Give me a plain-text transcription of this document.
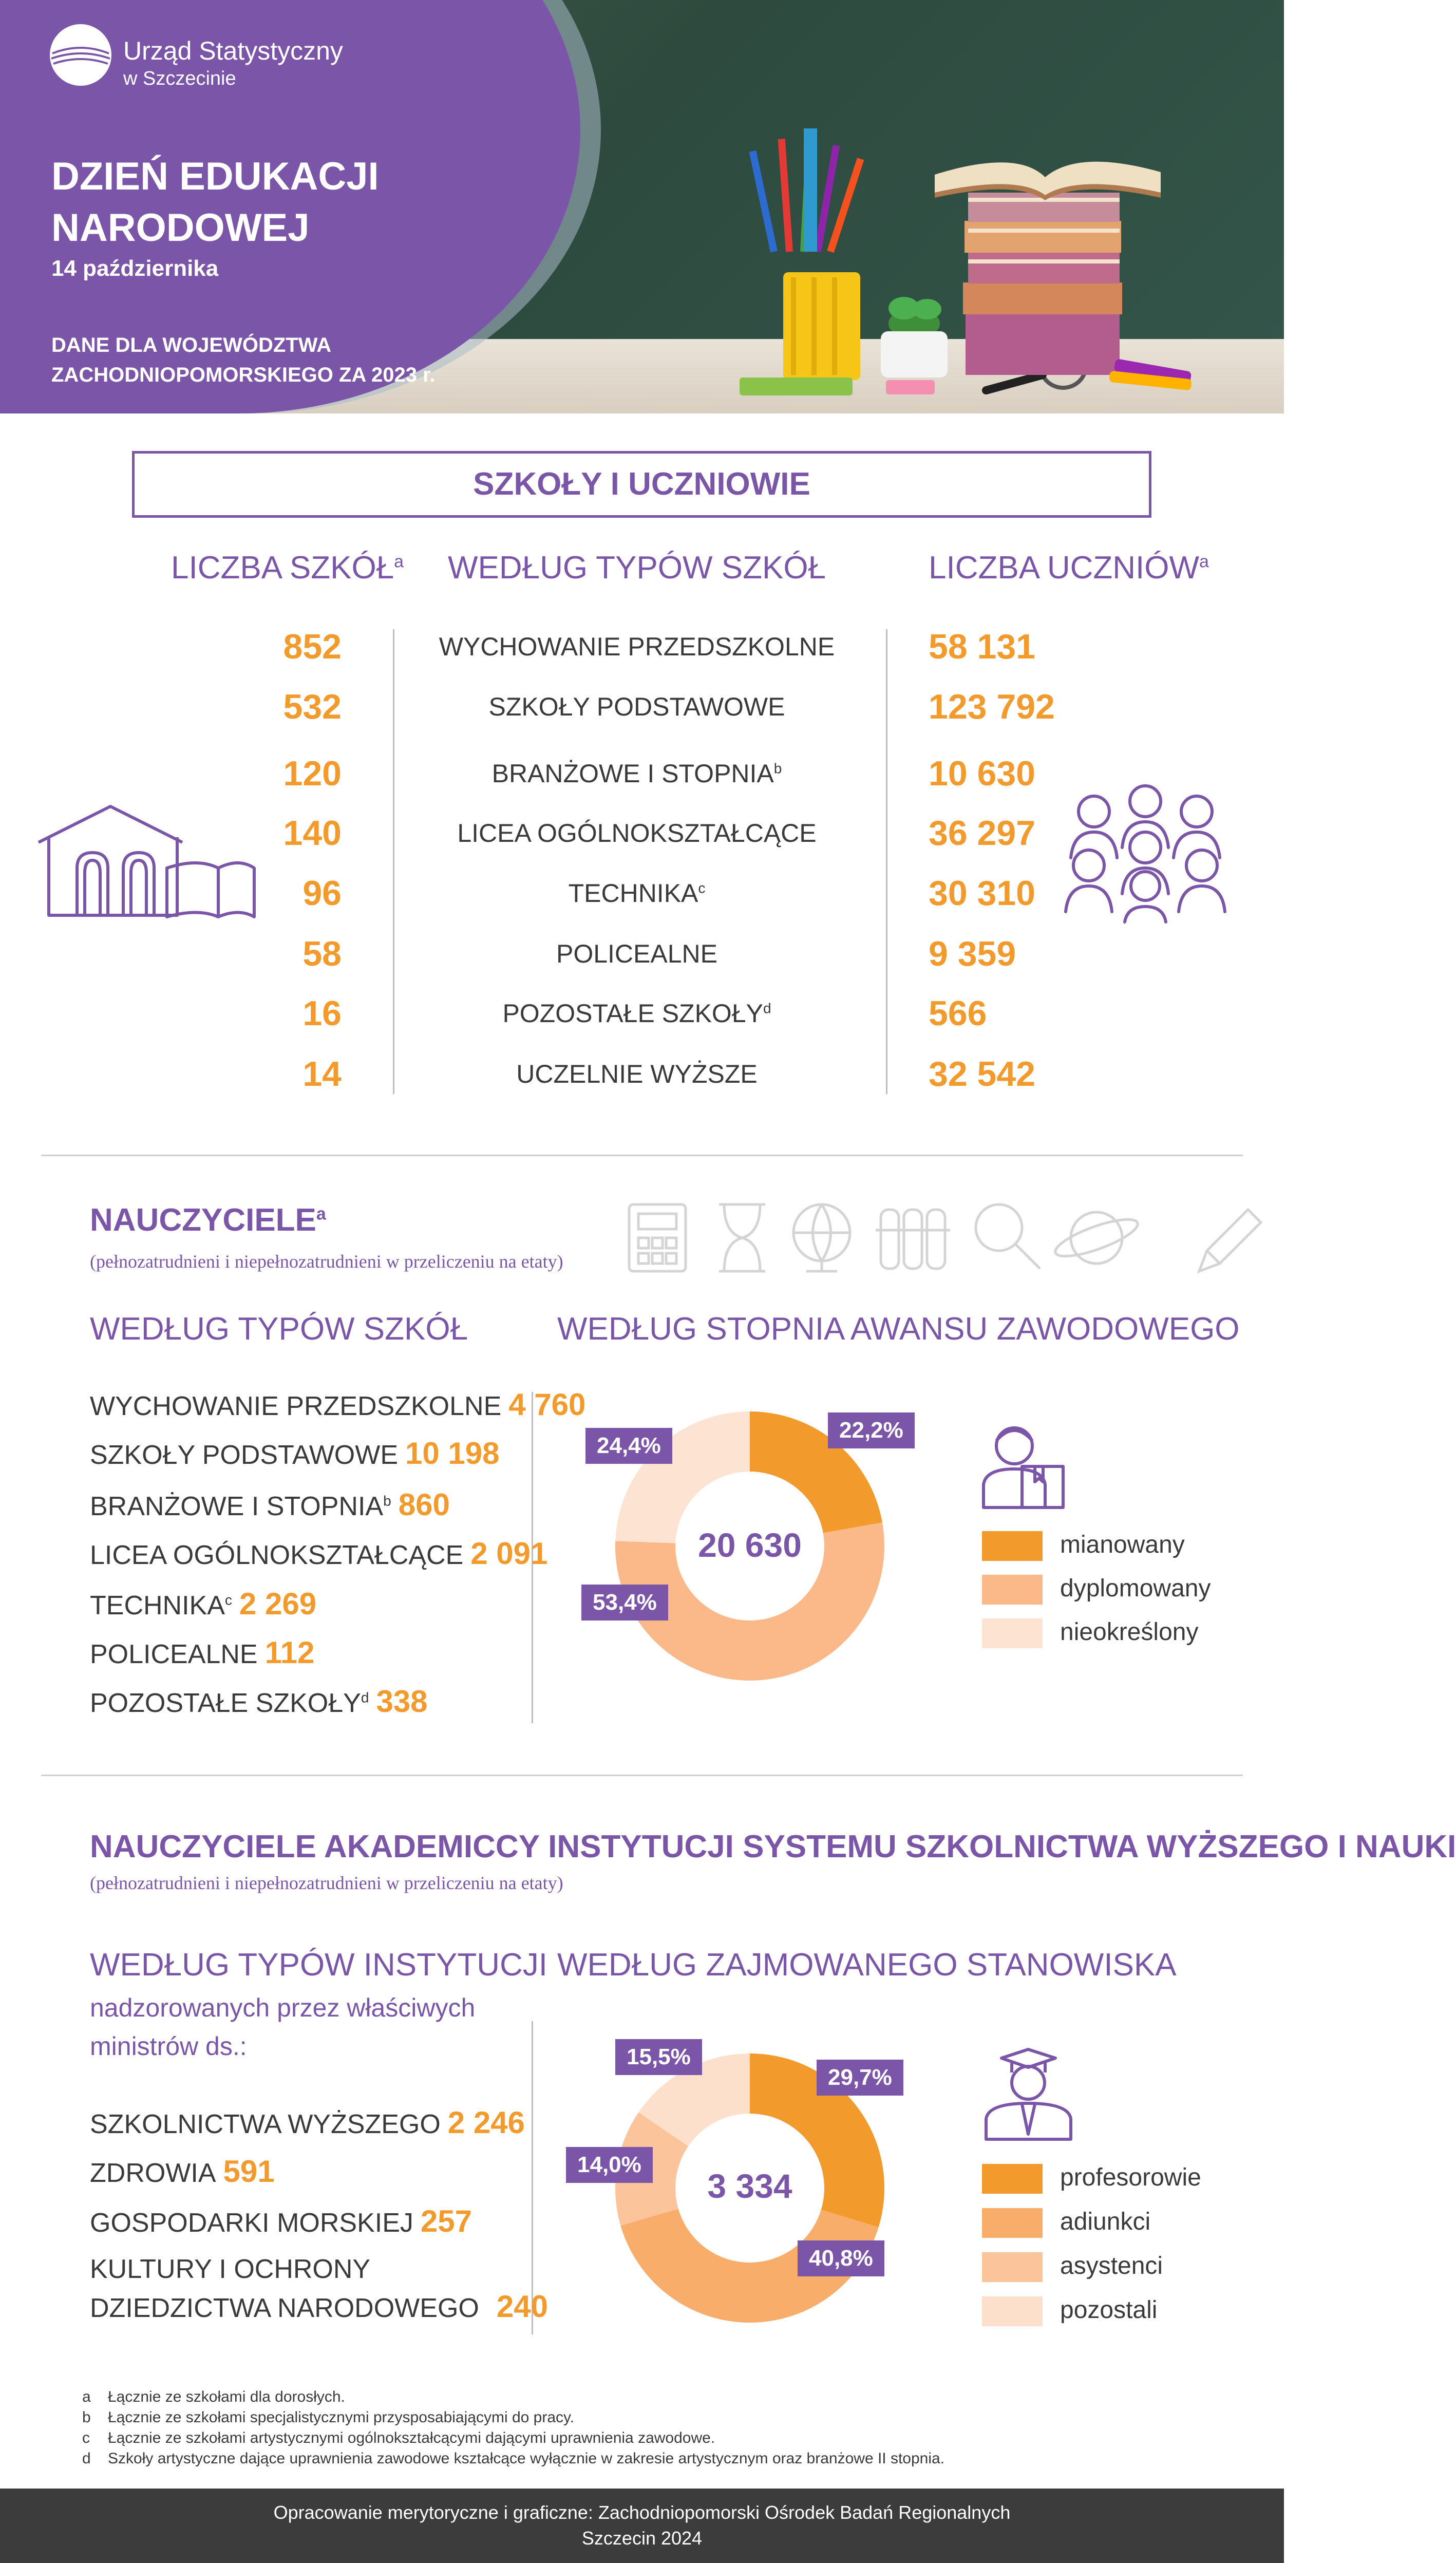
Urząd Statystyczny
w Szczecinie
DZIEŃ EDUKACJI
NARODOWEJ
14 października
DANE DLA WOJEWÓDZTWA
ZACHODNIOPOMORSKIEGO ZA 2023 r.
SZKOŁY I UCZNIOWIE
LICZBA SZKÓŁ$^a$	WEDŁUG TYPÓW SZKÓŁ	LICZBA UCZNIÓW$^a$
852	WYCHOWANIE PRZEDSZKOLNE	58 131
532	SZKOŁY PODSTAWOWE	123 792
120	BRANŻOWE I STOPNIA$^b$	10 630
140	LICEA OGÓLNOKSZTAŁCĄCE	36 297
96	TECHNIKA$^c$	30 310
58	POLICEALNE	9 359
16	POZOSTAŁE SZKOŁY$^d$	566
14	UCZELNIE WYŻSZE	32 542
NAUCZYCIELE$^a$
(pełnozatrudnieni i niepełnozatrudnieni w przeliczeniu na etaty)
WEDŁUG TYPÓW SZKÓŁ	WEDŁUG STOPNIA AWANSU ZAWODOWEGO
WYCHOWANIE PRZEDSZKOLNE 4 760
SZKOŁY PODSTAWOWE 10 198
BRANŻOWE I STOPNIA$^b$ 860
LICEA OGÓLNOKSZTAŁCĄCE 2 091
TECHNIKA$^c$ 2 269
POLICEALNE 112
POZOSTAŁE SZKOŁY$^d$ 338
20 630
22,2%
24,4%
53,4%
mianowany
dyplomowany
nieokreślony
NAUCZYCIELE AKADEMICCY INSTYTUCJI SYSTEMU SZKOLNICTWA WYŻSZEGO I NAUKI
(pełnozatrudnieni i niepełnozatrudnieni w przeliczeniu na etaty)
WEDŁUG TYPÓW INSTYTUCJI
nadzorowanych przez właściwych
ministrów ds.:
WEDŁUG ZAJMOWANEGO STANOWISKA
SZKOLNICTWA WYŻSZEGO 2 246
ZDROWIA 591
GOSPODARKI MORSKIEJ 257
KULTURY I OCHRONY
DZIEDZICTWA NARODOWEGO 240
3 334
29,7%
15,5%
14,0%
40,8%
profesorowie
adiunkci
asystenci
pozostali
a Łącznie ze szkołami dla dorosłych.
b Łącznie ze szkołami specjalistycznymi przysposabiającymi do pracy.
c Łącznie ze szkołami artystycznymi ogólnokształcącymi dającymi uprawnienia zawodowe.
d Szkoły artystyczne dające uprawnienia zawodowe kształcące wyłącznie w zakresie artystycznym oraz branżowe II stopnia.
Opracowanie merytoryczne i graficzne: Zachodniopomorski Ośrodek Badań Regionalnych
Szczecin 2024
